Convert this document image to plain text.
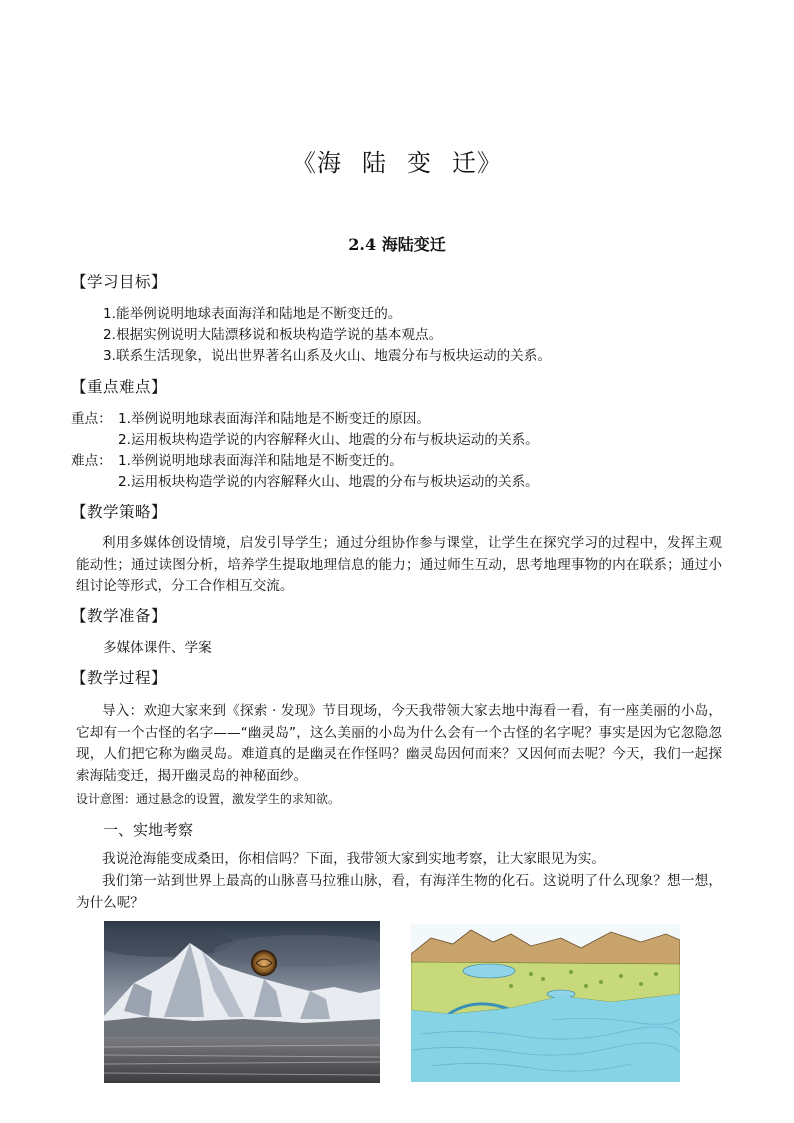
《海 陆 变 迁》
2.4 海陆变迁
【学习目标】
1.能举例说明地球表面海洋和陆地是不断变迁的。
2.根据实例说明大陆漂移说和板块构造学说的基本观点。
3.联系生活现象，说出世界著名山系及火山、地震分布与板块运动的关系。
【重点难点】
重点： 1.举例说明地球表面海洋和陆地是不断变迁的原因。
2.运用板块构造学说的内容解释火山、地震的分布与板块运动的关系。
难点： 1.举例说明地球表面海洋和陆地是不断变迁的。
2.运用板块构造学说的内容解释火山、地震的分布与板块运动的关系。
【教学策略】
利用多媒体创设情境，启发引导学生；通过分组协作参与课堂，让学生在探究学习的过程中，发挥主观能动性；通过读图分析，培养学生提取地理信息的能力；通过师生互动，思考地理事物的内在联系；通过小组讨论等形式，分工合作相互交流。
【教学准备】
多媒体课件、学案
【教学过程】
导入：欢迎大家来到《探索 · 发现》节目现场，今天我带领大家去地中海看一看，有一座美丽的小岛，它却有一个古怪的名字——“幽灵岛”，这么美丽的小岛为什么会有一个古怪的名字呢？事实是因为它忽隐忽现，人们把它称为幽灵岛。难道真的是幽灵在作怪吗？幽灵岛因何而来？又因何而去呢？今天，我们一起探索海陆变迁，揭开幽灵岛的神秘面纱。
设计意图：通过悬念的设置，激发学生的求知欲。
一、实地考察
我说沧海能变成桑田，你相信吗？下面，我带领大家到实地考察，让大家眼见为实。
我们第一站到世界上最高的山脉喜马拉雅山脉，看，有海洋生物的化石。这说明了什么现象？想一想，为什么呢？
